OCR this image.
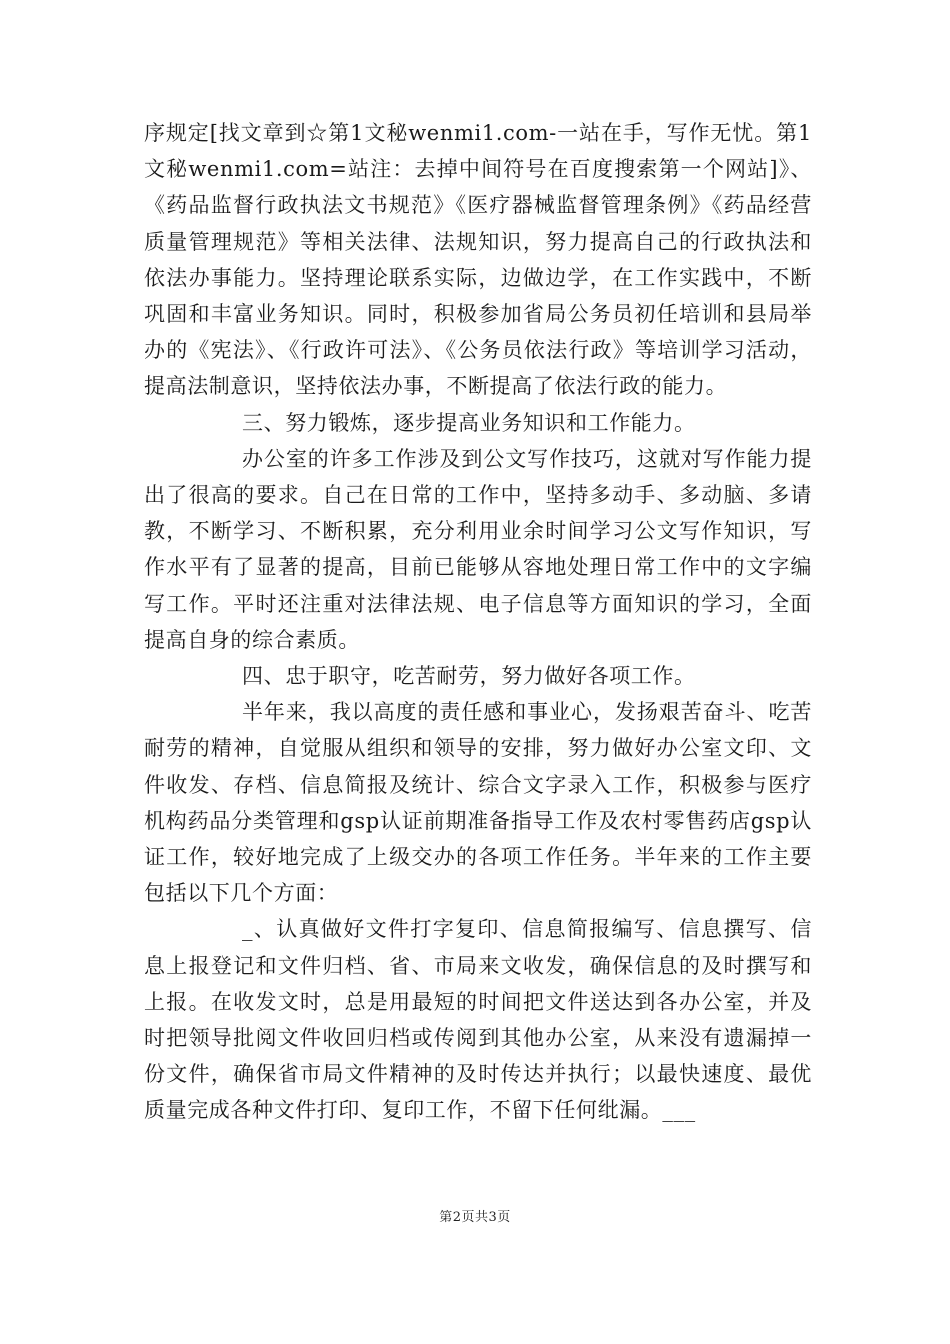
序规定[找文章到☆第1文秘wenmi1.com-一站在手，写作无忧。第1文秘wenmi1.com=站注：去掉中间符号在百度搜索第一个网站]》、《药品监督行政执法文书规范》《医疗器械监督管理条例》《药品经营质量管理规范》等相关法律、法规知识，努力提高自己的行政执法和依法办事能力。坚持理论联系实际，边做边学，在工作实践中，不断巩固和丰富业务知识。同时，积极参加省局公务员初任培训和县局举办的《宪法》、《行政许可法》、《公务员依法行政》等培训学习活动，提高法制意识，坚持依法办事，不断提高了依法行政的能力。

三、努力锻炼，逐步提高业务知识和工作能力。

办公室的许多工作涉及到公文写作技巧，这就对写作能力提出了很高的要求。自己在日常的工作中，坚持多动手、多动脑、多请教，不断学习、不断积累，充分利用业余时间学习公文写作知识，写作水平有了显著的提高，目前已能够从容地处理日常工作中的文字编写工作。平时还注重对法律法规、电子信息等方面知识的学习，全面提高自身的综合素质。

四、忠于职守，吃苦耐劳，努力做好各项工作。

半年来，我以高度的责任感和事业心，发扬艰苦奋斗、吃苦耐劳的精神，自觉服从组织和领导的安排，努力做好办公室文印、文件收发、存档、信息简报及统计、综合文字录入工作，积极参与医疗机构药品分类管理和gsp认证前期准备指导工作及农村零售药店gsp认证工作，较好地完成了上级交办的各项工作任务。半年来的工作主要包括以下几个方面：

_、认真做好文件打字复印、信息简报编写、信息撰写、信息上报登记和文件归档、省、市局来文收发，确保信息的及时撰写和上报。在收发文时，总是用最短的时间把文件送达到各办公室，并及时把领导批阅文件收回归档或传阅到其他办公室，从来没有遗漏掉一份文件，确保省市局文件精神的及时传达并执行；以最快速度、最优质量完成各种文件打印、复印工作，不留下任何纰漏。___

第2页共3页
